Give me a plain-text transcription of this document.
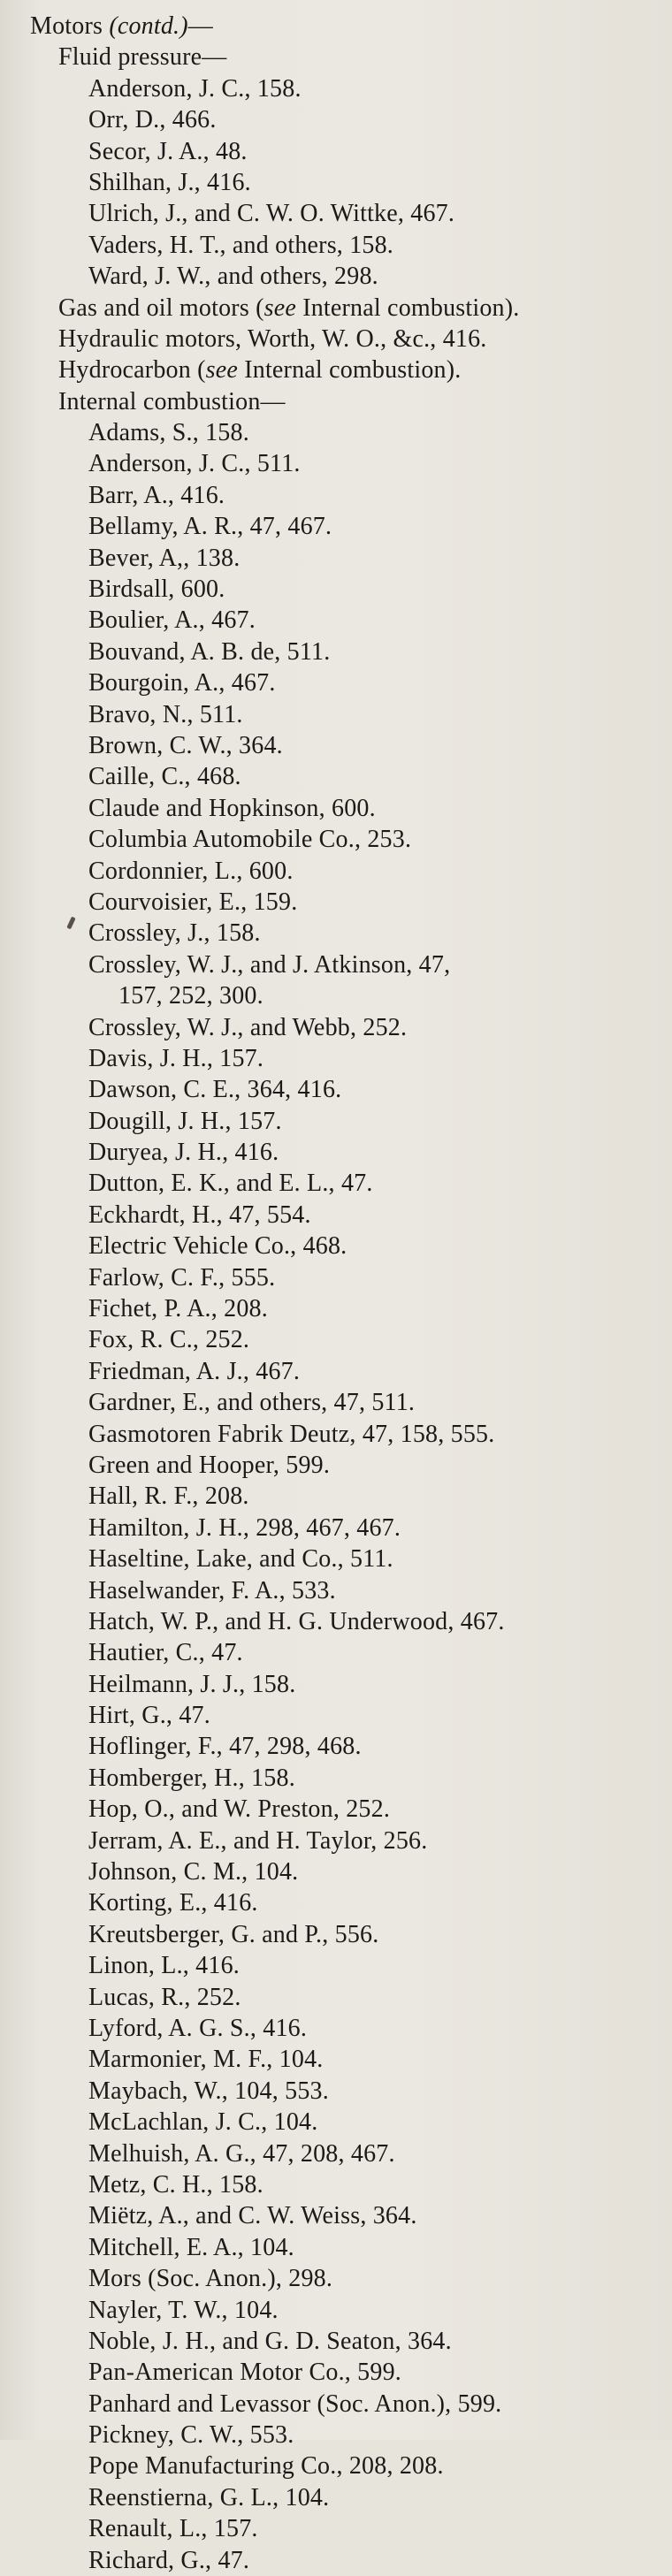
Motors (contd.)—
Fluid pressure—
Anderson, J. C., 158.
Orr, D., 466.
Secor, J. A., 48.
Shilhan, J., 416.
Ulrich, J., and C. W. O. Wittke, 467.
Vaders, H. T., and others, 158.
Ward, J. W., and others, 298.
Gas and oil motors (see Internal combustion).
Hydraulic motors, Worth, W. O., &c., 416.
Hydrocarbon (see Internal combustion).
Internal combustion—
Adams, S., 158.
Anderson, J. C., 511.
Barr, A., 416.
Bellamy, A. R., 47, 467.
Bever, A,, 138.
Birdsall, 600.
Boulier, A., 467.
Bouvand, A. B. de, 511.
Bourgoin, A., 467.
Bravo, N., 511.
Brown, C. W., 364.
Caille, C., 468.
Claude and Hopkinson, 600.
Columbia Automobile Co., 253.
Cordonnier, L., 600.
Courvoisier, E., 159.
Crossley, J., 158.
Crossley, W. J., and J. Atkinson, 47,
157, 252, 300.
Crossley, W. J., and Webb, 252.
Davis, J. H., 157.
Dawson, C. E., 364, 416.
Dougill, J. H., 157.
Duryea, J. H., 416.
Dutton, E. K., and E. L., 47.
Eckhardt, H., 47, 554.
Electric Vehicle Co., 468.
Farlow, C. F., 555.
Fichet, P. A., 208.
Fox, R. C., 252.
Friedman, A. J., 467.
Gardner, E., and others, 47, 511.
Gasmotoren Fabrik Deutz, 47, 158, 555.
Green and Hooper, 599.
Hall, R. F., 208.
Hamilton, J. H., 298, 467, 467.
Haseltine, Lake, and Co., 511.
Haselwander, F. A., 533.
Hatch, W. P., and H. G. Underwood, 467.
Hautier, C., 47.
Heilmann, J. J., 158.
Hirt, G., 47.
Hoflinger, F., 47, 298, 468.
Homberger, H., 158.
Hop, O., and W. Preston, 252.
Jerram, A. E., and H. Taylor, 256.
Johnson, C. M., 104.
Korting, E., 416.
Kreutsberger, G. and P., 556.
Linon, L., 416.
Lucas, R., 252.
Lyford, A. G. S., 416.
Marmonier, M. F., 104.
Maybach, W., 104, 553.
McLachlan, J. C., 104.
Melhuish, A. G., 47, 208, 467.
Metz, C. H., 158.
Miëtz, A., and C. W. Weiss, 364.
Mitchell, E. A., 104.
Mors (Soc. Anon.), 298.
Nayler, T. W., 104.
Noble, J. H., and G. D. Seaton, 364.
Pan-American Motor Co., 599.
Panhard and Levassor (Soc. Anon.), 599.
Pickney, C. W., 553.
Pope Manufacturing Co., 208, 208.
Reenstierna, G. L., 104.
Renault, L., 157.
Richard, G., 47.
